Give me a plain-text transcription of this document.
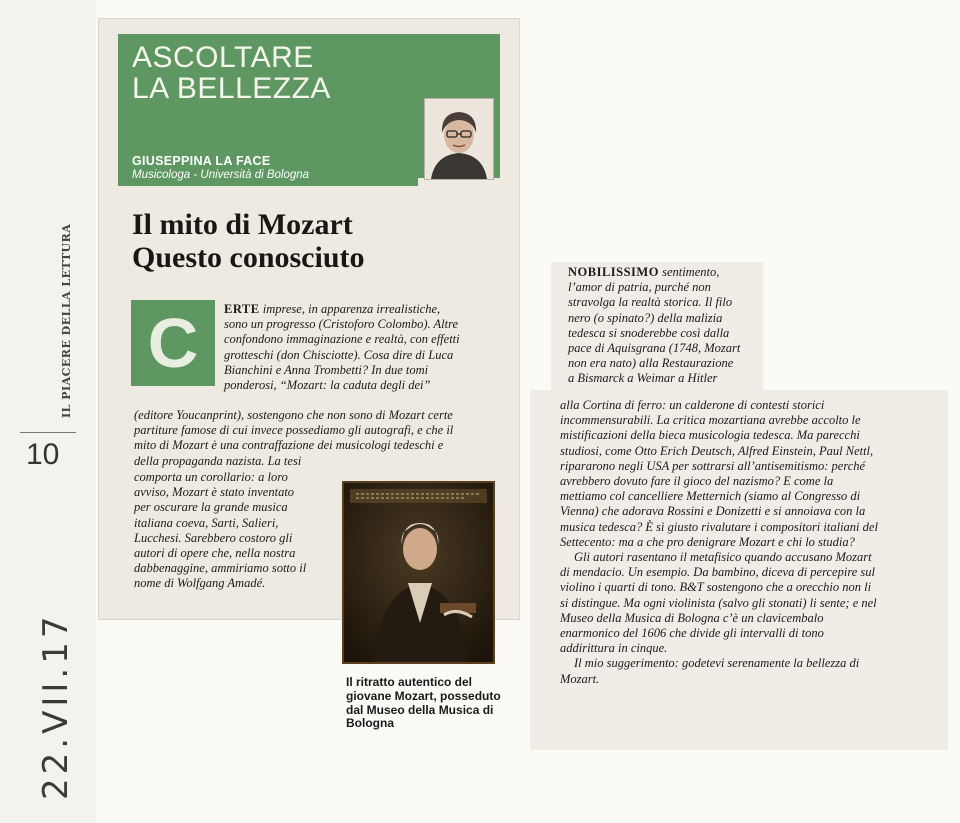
22.VII.17
IL PIACERE DELLA LETTURA
10
ASCOLTARE
LA BELLEZZA
GIUSEPPINA LA FACE
Musicologa - Università di Bologna
Il mito di Mozart
Questo conosciuto
C	ERTE imprese, in apparenza irrealistiche,
sono un progresso (Cristoforo Colombo). Altre
confondono immaginazione e realtà, con effetti
grotteschi (don Chisciotte). Cosa dire di Luca
Bianchini e Anna Trombetti? In due tomi
ponderosi, “Mozart: la caduta degli dei”
(editore Youcanprint), sostengono che non sono di Mozart certe
partiture famose di cui invece possediamo gli autografi, e che il
mito di Mozart è una contraffazione dei musicologi tedeschi e
della propaganda nazista. La tesi
comporta un corollario: a loro
avviso, Mozart è stato inventato
per oscurare la grande musica
italiana coeva, Sarti, Salieri,
Lucchesi. Sarebbero costoro gli
autori di opere che, nella nostra
dabbenaggine, ammiriamo sotto il
nome di Wolfgang Amadé.
Il ritratto autentico del giovane Mozart, posseduto dal Museo della Musica di Bologna
NOBILISSIMO sentimento,
l’amor di patria, purché non
stravolga la realtà storica. Il filo
nero (o spinato?) della malizia
tedesca si snoderebbe così dalla
pace di Aquisgrana (1748, Mozart
non era nato) alla Restaurazione
a Bismarck a Weimar a Hitler
alla Cortina di ferro: un calderone di contesti storici
incommensurabili. La critica mozartiana avrebbe accolto le
mistificazioni della bieca musicologia tedesca. Ma parecchi
studiosi, come Otto Erich Deutsch, Alfred Einstein, Paul Nettl,
ripararono negli USA per sottrarsi all’antisemitismo: perché
avrebbero dovuto fare il gioco del nazismo? E come la
mettiamo col cancelliere Metternich (siamo al Congresso di
Vienna) che adorava Rossini e Donizetti e si annoiava con la
musica tedesca? È sì giusto rivalutare i compositori italiani del
Settecento: ma a che pro denigrare Mozart e chi lo studia?
Gli autori rasentano il metafisico quando accusano Mozart
di mendacio. Un esempio. Da bambino, diceva di percepire sul
violino i quarti di tono. B&T sostengono che a orecchio non li
si distingue. Ma ogni violinista (salvo gli stonati) li sente; e nel
Museo della Musica di Bologna c’è un clavicembalo
enarmonico del 1606 che divide gli intervalli di tono
addirittura in cinque.
Il mio suggerimento: godetevi serenamente la bellezza di
Mozart.
